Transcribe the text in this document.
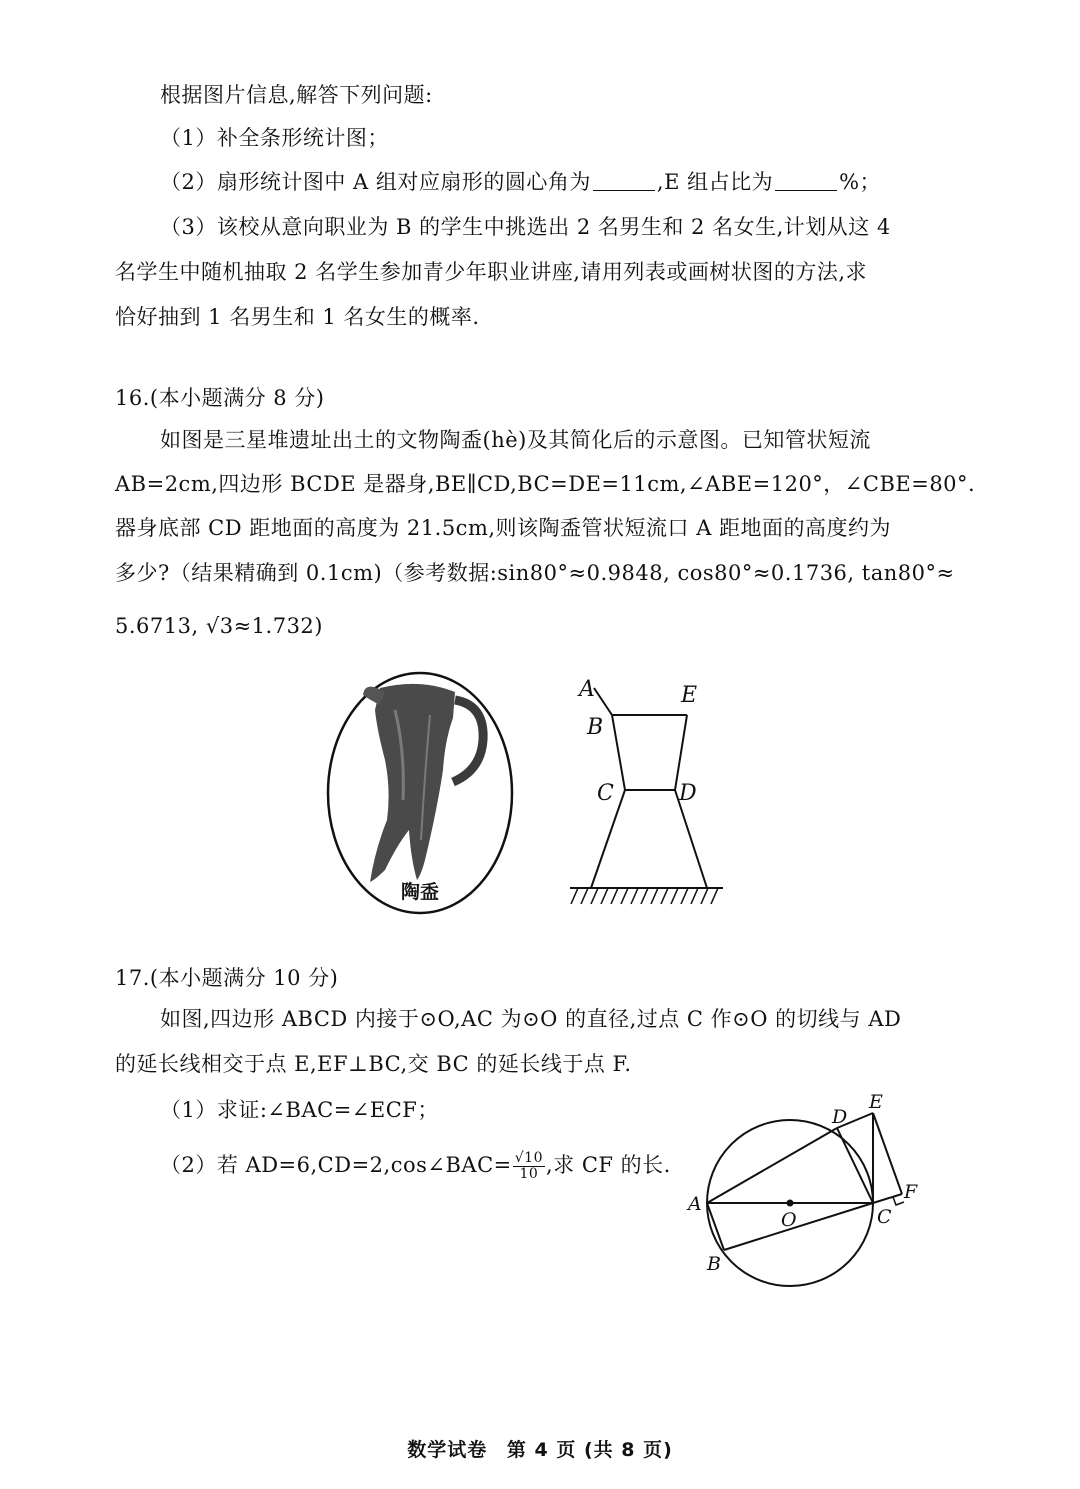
根据图片信息,解答下列问题:
（1）补全条形统计图；
（2）扇形统计图中 A 组对应扇形的圆心角为	,E 组占比为	%；
（3）该校从意向职业为 B 的学生中挑选出 2 名男生和 2 名女生,计划从这 4
名学生中随机抽取 2 名学生参加青少年职业讲座,请用列表或画树状图的方法,求
恰好抽到 1 名男生和 1 名女生的概率.
16.(本小题满分 8 分)
如图是三星堆遗址出土的文物陶盉(hè)及其简化后的示意图。已知管状短流
AB=2cm,四边形 BCDE 是器身,BE∥CD,BC=DE=11cm,∠ABE=120°，∠CBE=80°.
器身底部 CD 距地面的高度为 21.5cm,则该陶盉管状短流口 A 距地面的高度约为
多少?（结果精确到 0.1cm)（参考数据:sin80°≈0.9848, cos80°≈0.1736, tan80°≈
5.6713, √3≈1.732)
陶盉
A
B
E
C	D
17.(本小题满分 10 分)
如图,四边形 ABCD 内接于⊙O,AC 为⊙O 的直径,过点 C 作⊙O 的切线与 AD
的延长线相交于点 E,EF⊥BC,交 BC 的延长线于点 F.
（1）求证:∠BAC=∠ECF；
（2）若 AD=6,CD=2,cos∠BAC= $\frac{√10}{10}$ ,求 CF 的长.
A
B
C
D
E
F
O
数学试卷 第 4 页 (共 8 页)
